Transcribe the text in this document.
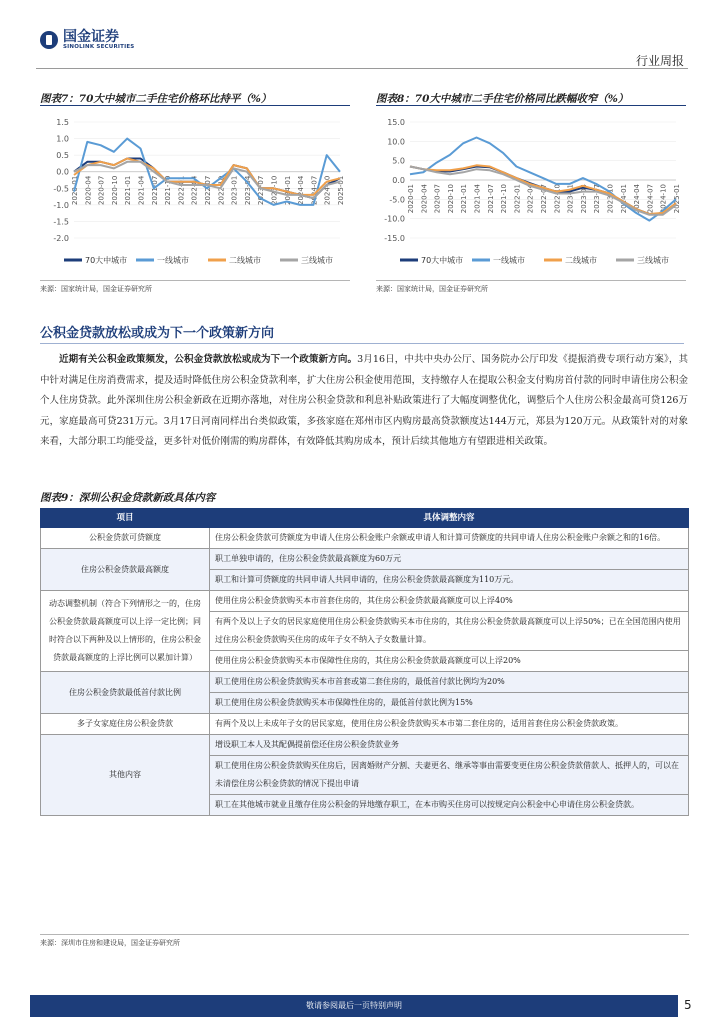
国金证券
SINOLINK SECURITIES
行业周报
图表7：70大中城市二手住宅价格环比持平（%）
1.5
1.0
0.5
0.0
-0.5
-1.0
-1.5
-2.0
2020-01 2020-04 2020-07 2020-10 2021-01 2021-04 2021-07 2021-10 2022-01 2022-04 2022-07 2022-10 2023-01 2023-04 2023-07 2023-10 2024-01 2024-04 2024-07 2024-10 2025-01
70大中城市	一线城市	二线城市	三线城市
来源：国家统计局，国金证券研究所
图表8：70大中城市二手住宅价格同比跌幅收窄（%）
15.0
10.0
5.0
0.0
-5.0
-10.0
-15.0
2020-01 2020-04 2020-07 2020-10 2021-01 2021-04 2021-07 2021-10 2022-01 2022-04 2022-07 2022-10 2023-01 2023-04 2023-07 2023-10 2024-01 2024-04 2024-07 2024-10 2025-01
70大中城市	一线城市	二线城市	三线城市
来源：国家统计局，国金证券研究所
公积金贷款放松或成为下一个政策新方向

近期有关公积金政策频发，公积金贷款放松或成为下一个政策新方向。3月16日，中共中央办公厅、国务院办公厅印发《提振消费专项行动方案》，其中针对满足住房消费需求，提及适时降低住房公积金贷款利率，扩大住房公积金使用范围，支持缴存人在提取公积金支付购房首付款的同时申请住房公积金个人住房贷款。此外深圳住房公积金新政在近期亦落地，对住房公积金贷款和利息补贴政策进行了大幅度调整优化，调整后个人住房公积金最高可贷126万元，家庭最高可贷231万元。3月17日河南同样出台类似政策，多孩家庭在郑州市区内购房最高贷款额度达144万元，郑县为120万元。从政策针对的对象来看，大部分职工均能受益，更多针对低价刚需的购房群体，有效降低其购房成本，预计后续其他地方有望跟进相关政策。

图表9：深圳公积金贷款新政具体内容
项目	具体调整内容
公积金贷款可贷额度	住房公积金贷款可贷额度为申请人住房公积金账户余额或申请人和计算可贷额度的共同申请人住房公积金账户余额之和的16倍。
住房公积金贷款最高额度	职工单独申请的，住房公积金贷款最高额度为60万元
	职工和计算可贷额度的共同申请人共同申请的，住房公积金贷款最高额度为110万元。
动态调整机制（符合下列情形之一的，住房公积金贷款最高额度可以上浮一定比例；同时符合以下两种及以上情形的，住房公积金贷款最高额度的上浮比例可以累加计算）	使用住房公积金贷款购买本市首套住房的，其住房公积金贷款最高额度可以上浮40%
	有两个及以上子女的居民家庭使用住房公积金贷款购买本市住房的，其住房公积金贷款最高额度可以上浮50%；已在全国范围内使用过住房公积金贷款购买住房的成年子女不纳入子女数量计算。
	使用住房公积金贷款购买本市保障性住房的，其住房公积金贷款最高额度可以上浮20%
住房公积金贷款最低首付款比例	职工使用住房公积金贷款购买本市首套或第二套住房的，最低首付款比例均为20%
	职工使用住房公积金贷款购买本市保障性住房的，最低首付款比例为15%
多子女家庭住房公积金贷款	有两个及以上未成年子女的居民家庭，使用住房公积金贷款购买本市第二套住房的，适用首套住房公积金贷款政策。
其他内容	增设职工本人及其配偶提前偿还住房公积金贷款业务
	职工使用住房公积金贷款购买住房后，因离婚财产分割、夫妻更名、继承等事由需要变更住房公积金贷款借款人、抵押人的，可以在未清偿住房公积金贷款的情况下提出申请
	职工在其他城市就业且缴存住房公积金的异地缴存职工，在本市购买住房可以按规定向公积金中心申请住房公积金贷款。
来源：深圳市住房和建设局，国金证券研究所
敬请参阅最后一页特别声明	5
